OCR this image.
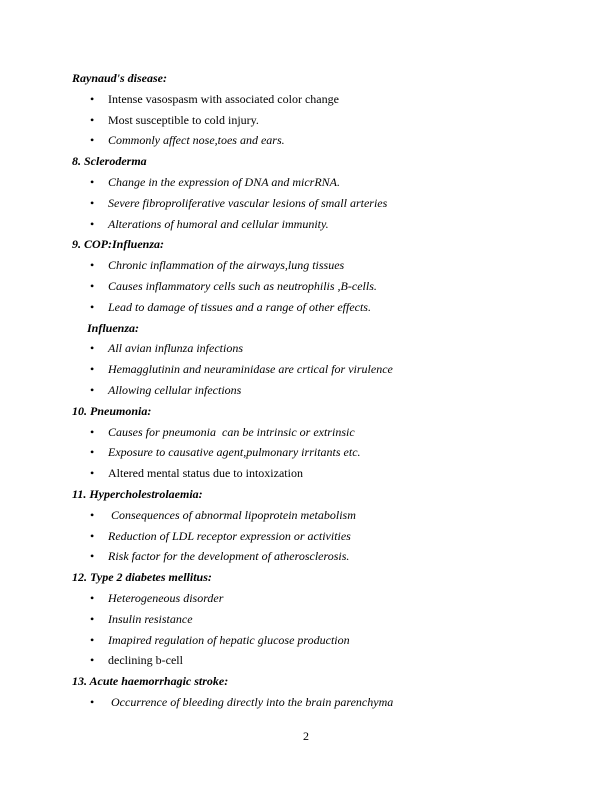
Raynaud's disease:
• Intense vasospasm with associated color change
• Most susceptible to cold injury.
• Commonly affect nose,toes and ears.
8. Scleroderma
• Change in the expression of DNA and micrRNA.
• Severe fibroproliferative vascular lesions of small arteries
• Alterations of humoral and cellular immunity.
9. COP:Influenza:
• Chronic inflammation of the airways,lung tissues
• Causes inflammatory cells such as neutrophilis ,B-cells.
• Lead to damage of tissues and a range of other effects.
Influenza:
• All avian influnza infections
• Hemagglutinin and neuraminidase are crtical for virulence
• Allowing cellular infections
10. Pneumonia:
• Causes for pneumonia  can be intrinsic or extrinsic
• Exposure to causative agent,pulmonary irritants etc.
• Altered mental status due to intoxization
11. Hypercholestrolaemia:
• Consequences of abnormal lipoprotein metabolism
• Reduction of LDL receptor expression or activities
• Risk factor for the development of atherosclerosis.
12. Type 2 diabetes mellitus:
• Heterogeneous disorder
• Insulin resistance
• Imapired regulation of hepatic glucose production
• declining b-cell
13. Acute haemorrhagic stroke:
• Occurrence of bleeding directly into the brain parenchyma
2
